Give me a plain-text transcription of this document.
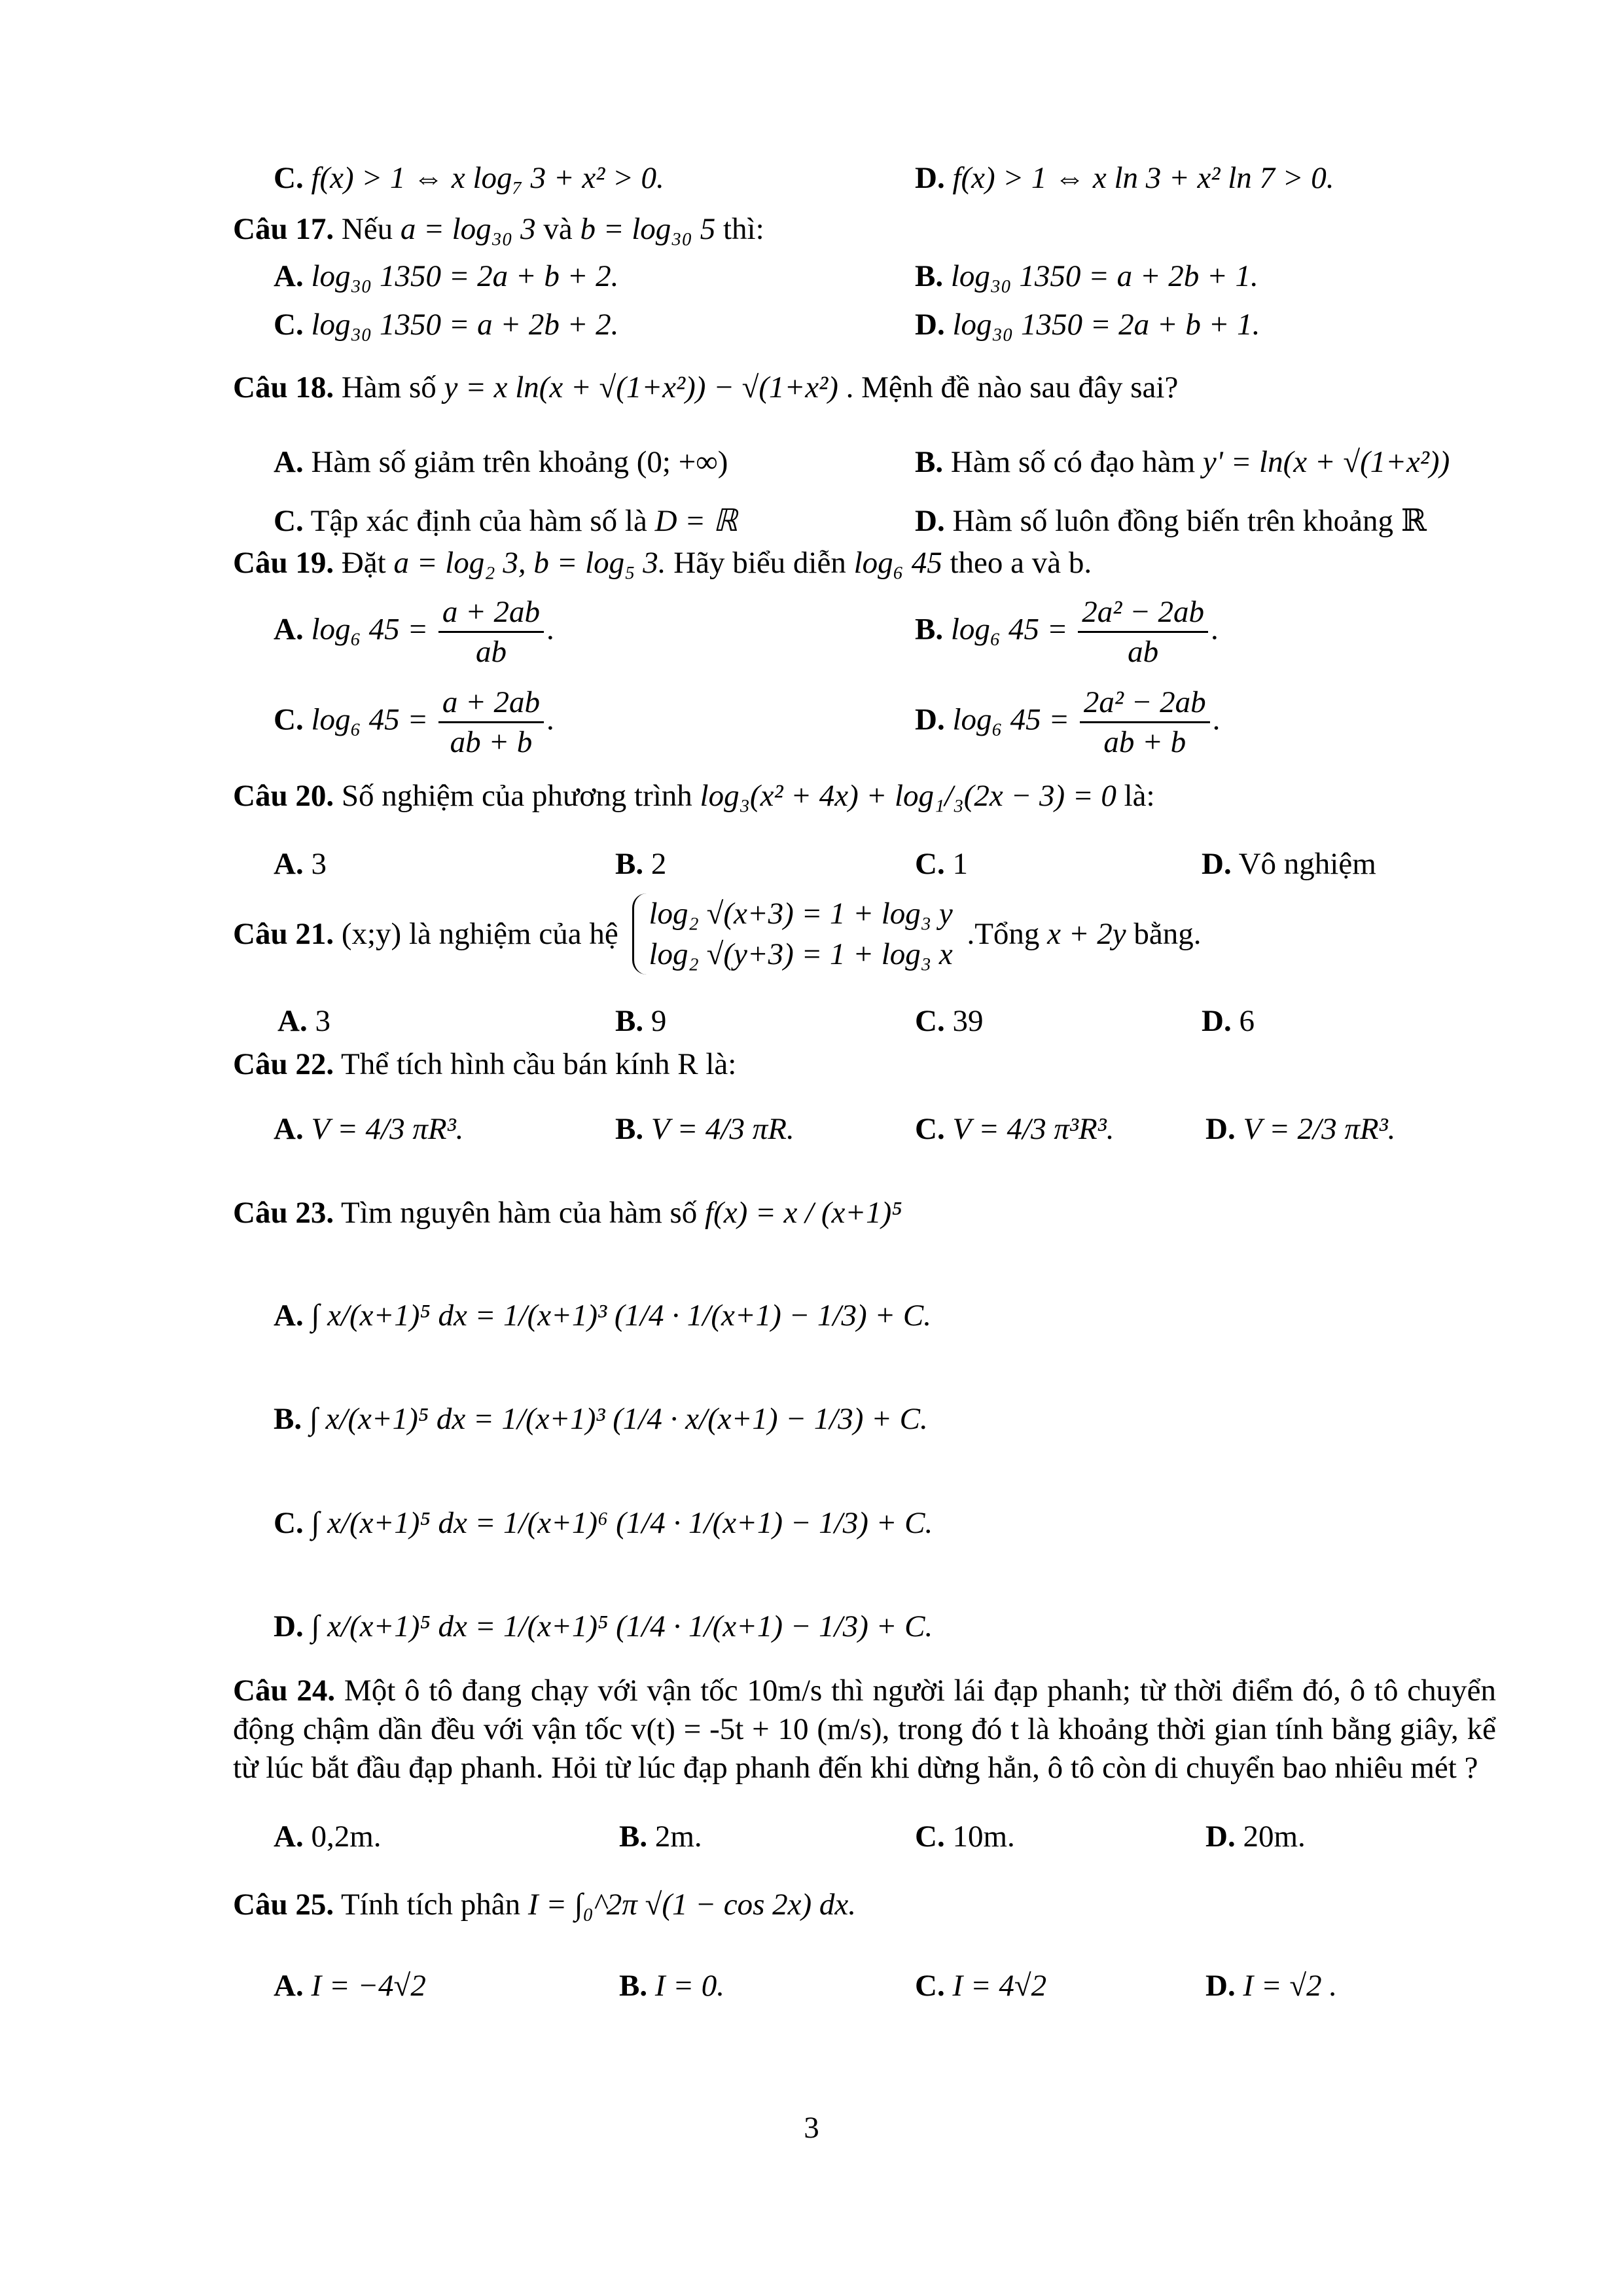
C. f(x) > 1 ⇔ x log₇ 3 + x² > 0.	D. f(x) > 1 ⇔ x ln 3 + x² ln 7 > 0.
Câu 17. Nếu a = log₃₀ 3 và b = log₃₀ 5 thì:
A. log₃₀ 1350 = 2a + b + 2.	B. log₃₀ 1350 = a + 2b + 1.
C. log₃₀ 1350 = a + 2b + 2.	D. log₃₀ 1350 = 2a + b + 1.
Câu 18. Hàm số y = x ln(x + √(1+x²)) − √(1+x²) . Mệnh đề nào sau đây sai?
A. Hàm số giảm trên khoảng (0; +∞)	B. Hàm số có đạo hàm y' = ln(x + √(1+x²))
C. Tập xác định của hàm số là D = ℝ	D. Hàm số luôn đồng biến trên khoảng ℝ
Câu 19. Đặt a = log₂ 3, b = log₅ 3. Hãy biểu diễn log₆ 45 theo a và b.
A. log₆ $45 = \frac{a + 2ab}{ab}$ .	B. log₆ $45 = \frac{\text{2a² − 2ab}}{ab}$ .
C. log₆ $45 = \frac{a + 2ab}{ab + b}$ .	D. log₆ $45 = \frac{\text{2a² − 2ab}}{ab + b}$ .
Câu 20. Số nghiệm của phương trình log₃(x² + 4x) + log₁/₃(2x − 3) = 0 là:
A. 3	B. 2	C. 1	D. Vô nghiệm
Câu 21. (x;y) là nghiệm của hệ
log₂ √(x+3) = 1 + log₃ y
log₂ √(y+3) = 1 + log₃ x
.Tổng x + 2y bằng.
A. 3	B. 9	C. 39	D. 6
Câu 22. Thể tích hình cầu bán kính R là:
A. V = 4/3 πR³.	B. V = 4/3 πR.	C. V = 4/3 π³R³.	D. V = 2/3 πR³.
Câu 23. Tìm nguyên hàm của hàm số f(x) = x / (x+1)⁵
A. ∫ x/(x+1)⁵ dx = 1/(x+1)³ (1/4 · 1/(x+1) − 1/3) + C.
B. ∫ x/(x+1)⁵ dx = 1/(x+1)³ (1/4 · x/(x+1) − 1/3) + C.
C. ∫ x/(x+1)⁵ dx = 1/(x+1)⁶ (1/4 · 1/(x+1) − 1/3) + C.
D. ∫ x/(x+1)⁵ dx = 1/(x+1)⁵ (1/4 · 1/(x+1) − 1/3) + C.
Câu 24. Một ô tô đang chạy với vận tốc 10m/s thì người lái đạp phanh; từ thời điểm đó, ô tô chuyển động chậm dần đều với vận tốc v(t) = -5t + 10 (m/s), trong đó t là khoảng thời gian tính bằng giây, kể từ lúc bắt đầu đạp phanh. Hỏi từ lúc đạp phanh đến khi dừng hẳn, ô tô còn di chuyển bao nhiêu mét ?
A. 0,2m.	B. 2m.	C. 10m.	D. 20m.
Câu 25. Tính tích phân I = ∫₀^2π √(1 − cos 2x) dx.
A. I = −4√2	B. I = 0.	C. I = 4√2	D. I = √2 .
3
